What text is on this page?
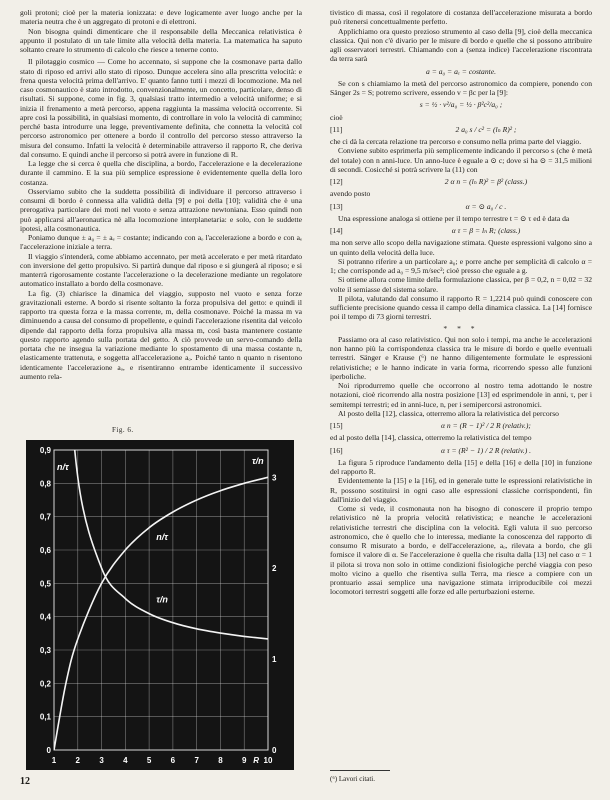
goli protoni; cioè per la materia ionizzata: e deve logicamente aver luogo anche per la materia neutra che è un aggregato di protoni e di elettroni.

Non bisogna quindi dimenticare che il responsabile della Meccanica relativistica è appunto il postulato di un tale limite alla velocità della materia. La matematica ha saputo soltanto creare lo strumento di calcolo che riesce a tenerne conto.

Il pilotaggio cosmico — Come ho accennato, si suppone che la cosmonave parta dallo stato di riposo ed arrivi allo stato di riposo. Dunque accelera sino alla prescritta velocità: e frena questa velocità prima dell'arrivo. E' quanto fanno tutti i mezzi di locomozione. Ma nel caso cosmonautico è stato introdotto, convenzionalmente, un concetto, particolare, denso di risultati. Si suppone, come in fig. 3, qualsiasi tratto intermedio a velocità uniforme; e si inizia il frenamento a metà percorso, appena raggiunta la massima velocità occorrente. Si apre così la possibilità, in qualsiasi momento, di controllare in volo la velocità di cammino; perché basta introdurre una legge, preventivamente definita, che connetta la velocità col percorso astronomico per ottenere a bordo il controllo del percorso stesso attraverso la misura del consumo. Infatti la velocità è determinabile attraverso il rapporto R, che deriva dal consumo. E quindi anche il percorso si potrà avere in funzione di R.

La legge che si cerca è quella che disciplina, a bordo, l'accelerazione e la decelerazione durante il cammino. E la sua più semplice espressione è evidentemente quella della loro costanza.

Osserviamo subito che la suddetta possibilità di individuare il percorso attraverso i consumi di bordo è connessa alla validità della [9] e poi della [10]; validità che è una prerogativa particolare dei moti nel vuoto e senza attrazione newtoniana. Esso quindi non può applicarsi all'aeronautica nè alla locomozione interplanetaria: e solo, con le suddette ipotesi, alla cosmonautica.

Poniamo dunque ± a₀ = ± aₑ = costante; indicando con aₒ l'accelerazione a bordo e con aₑ l'accelerazione iniziale a terra.

Il viaggio s'intenderà, come abbiamo accennato, per metà accelerato e per metà ritardato con inversione del getto propulsivo. Si partirà dunque dal riposo e si giungerà al riposo; e si manterrà rigorosamente costante l'accelerazione o la decelerazione mediante un regolatore automatico installato a bordo della cosmonave.

La fig. (3) chiarisce la dinamica del viaggio, supposto nel vuoto e senza forze gravitazionali esterne. A bordo si risente soltanto la forza propulsiva del getto: e quindi il rapporto tra questa forza e la massa corrente, m, della cosmonave. Poiché la massa m va diminuendo a causa del consumo di propellente, e quindi l'accelerazione risentita dal veicolo dipende dal rapporto della forza propulsiva alla massa m, così basta mantenere costante questo rapporto agendo sulla portata del getto. A ciò provvede un servo-comando della portata che ne insegua la variazione mediante lo spostamento di una massa costante n, elasticamente trattenuta, e soggetta all'accelerazione aₒ. Poiché tanto n quanto n risentono identicamente l'accelerazione aₒ, e risentiranno entrambe identicamente il successivo aumento rela-

Fig. 6.
0
0,1
0,2
0,3
0,4
0,5
0,6
0,7
0,8
0,9
0
1
2
3
1 2 3 4 5 6 7 8 9 R 10
n/τ
τ/n
n/τ
τ/n
12

tivistico di massa, così il regolatore di costanza dell'accelerazione misurata a bordo può ritenersi concettualmente perfetto.

Applichiamo ora questo prezioso strumento al caso della [9], cioè della meccanica classica. Qui non c'è divario per le misure di bordo e quelle che si possono attribuire agli osservatori terrestri. Chiamando con a (senza indice) l'accelerazione riscontrata da terra sarà

a = a₀ = aₑ = costante.

Se con s chiamiamo la metà del percorso astronomico da compiere, ponendo con Sänger 2s = S; potremo scrivere, essendo v = βc per la [9]:

s = ½ · v²/a₀ = ½ · β²c²/a₀ ;

cioè

[11]	2 a₀ s / c² = (lₙ R)² ;

che ci dà la cercata relazione tra percorso e consumo nella prima parte del viaggio.

Conviene subito esprimerla più semplicemente indicando il percorso s (che è metà del totale) con n anni-luce. Un anno-luce è eguale a ⊙ c; dove si ha ⊙ = 31,5 milioni di secondi. Cosicché si potrà scrivere la (11) con

[12]	2 α n = (lₙ R)² = β² (class.)

avendo posto

[13]	α = ⊙ a₀ / c .

Una espressione analoga si ottiene per il tempo terrestre t = ⊙ τ ed è data da

[14]	α τ = β = lₙ R; (class.)

ma non serve allo scopo della navigazione stimata. Queste espressioni valgono sino a un quinto della velocità della luce.

Si potranno riferire a un particolare a₀; e porre anche per semplicità di calcolo α = 1; che corrisponde ad a₀ = 9,5 m/sec²; cioè presso che eguale a g.

Si ottiene allora come limite della formulazione classica, per β = 0,2, n = 0,02 = 32 volte il semiasse del sistema solare.

Il pilota, valutando dal consumo il rapporto R = 1,2214 può quindi conoscere con sufficiente precisione quando cessa il campo della dinamica classica. La [14] fornisce poi il tempo di 73 giorni terrestri.

* * *

Passiamo ora al caso relativistico. Qui non solo i tempi, ma anche le accelerazioni non hanno più la corrispondenza classica tra le misure di bordo e quelle eventuali terrestri. Sänger e Krause (⁶) ne hanno diligentemente formulate le espressioni relativistiche; e le hanno indicate in varia forma, ricorrendo spesso alle funzioni iperboliche.

Noi riprodurremo quelle che occorrono al nostro tema adottando le nostre notazioni, cioè ricorrendo alla nostra posizione [13] ed esprimendole in anni, τ, per i semitempi terrestri; ed in anni-luce, n, per i semipercorsi astronomici.

Al posto della [12], classica, otterremo allora la relativistica del percorso

[15]	α n = (R − 1)² / 2 R (relativ.);

ed al posto della [14], classica, otterremo la relativistica del tempo

[16]	α τ = (R² − 1) / 2 R (relativ.) .

La figura 5 riproduce l'andamento della [15] e della [16] e della [10] in funzione del rapporto R.

Evidentemente la [15] e la [16], ed in generale tutte le espressioni relativistiche in R, possono sostituirsi in ogni caso alle espressioni classiche corrispondenti, fin dall'inizio del viaggio.

Come si vede, il cosmonauta non ha bisogno di conoscere il proprio tempo relativistico nè la propria velocità relativistica; e neanche le accelerazioni relativistiche terrestri che disciplina con la velocità. Egli valuta il suo percorso astronomico, che è quello che lo interessa, mediante la conoscenza del rapporto di consumo R misurato a bordo, e dell'accelerazione, aₒ, rilevata a bordo, che gli fornisce il valore di α. Se l'accelerazione è quella che risulta dalla [13] nel caso α = 1 il pilota si trova non solo in ottime condizioni fisiologiche perché viaggia con peso molto vicino a quello che risentiva sulla Terra, ma riesce a compiere con un prontuario assai semplice una navigazione stimata irriproducibile coi mezzi locomotori terrestri soggetti alle forze ed alle perturbazioni esterne.

(⁶) Lavori citati.
